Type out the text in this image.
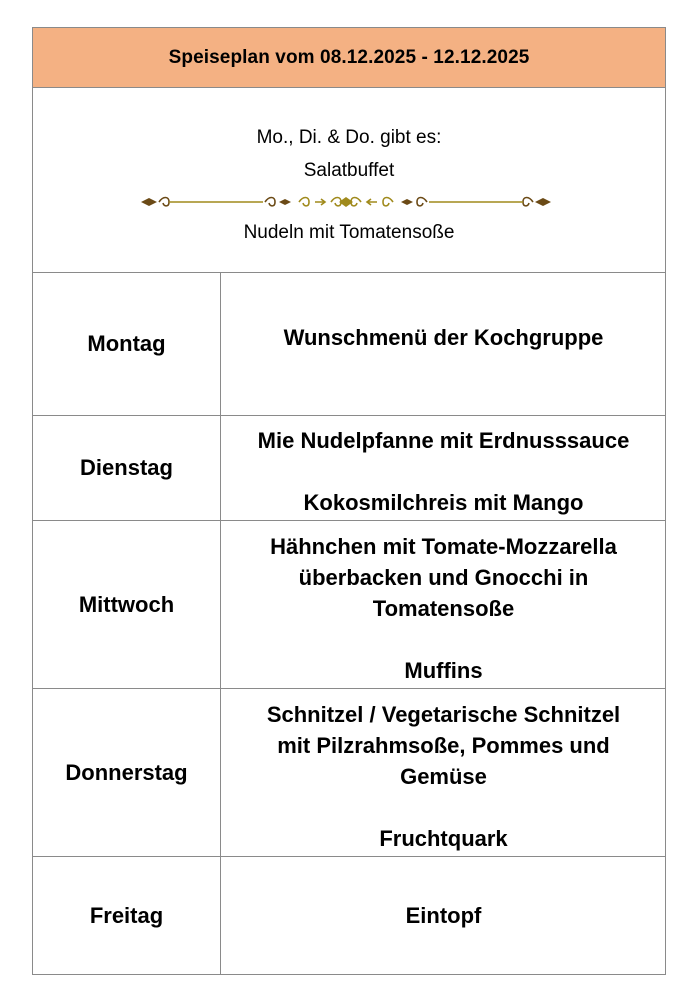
Speiseplan vom 08.12.2025 - 12.12.2025
Mo., Di. & Do. gibt es:
Salatbuffet
Nudeln mit Tomatensoße
Montag	Wunschmenü der Kochgruppe
Dienstag
Mie Nudelpfanne mit Erdnusssauce
Kokosmilchreis mit Mango
Mittwoch
Hähnchen mit Tomate-Mozzarella
überbacken und Gnocchi in
Tomatensoße
Muffins
Donnerstag
Schnitzel / Vegetarische Schnitzel
mit Pilzrahmsoße, Pommes und
Gemüse
Fruchtquark
Freitag	Eintopf
